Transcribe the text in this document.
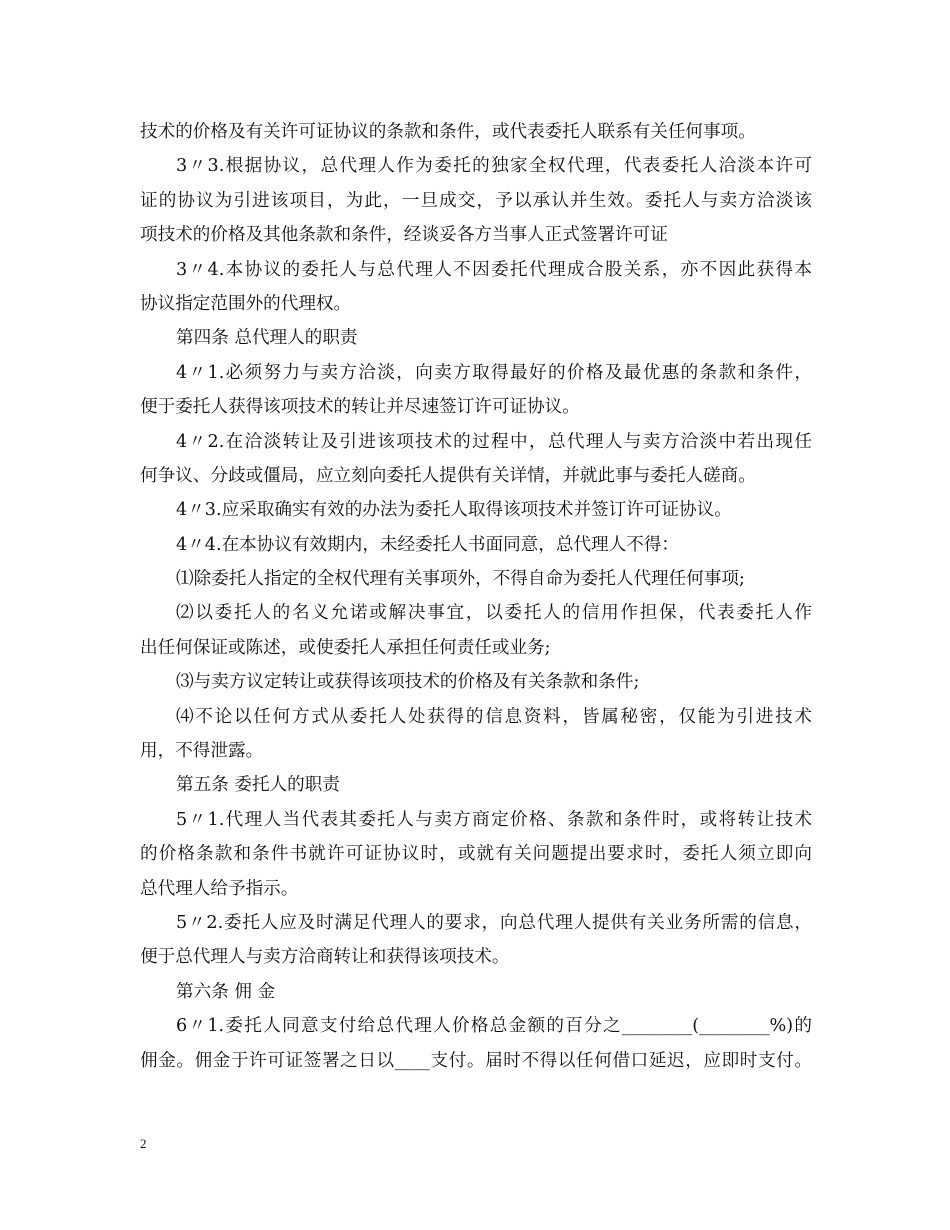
技术的价格及有关许可证协议的条款和条件，或代表委托人联系有关任何事项。
3〃3.根据协议，总代理人作为委托的独家全权代理，代表委托人洽淡本许可
证的协议为引进该项目，为此，一旦成交，予以承认并生效。委托人与卖方洽淡该
项技术的价格及其他条款和条件，经谈妥各方当事人正式签署许可证
3〃4.本协议的委托人与总代理人不因委托代理成合股关系，亦不因此获得本
协议指定范围外的代理权。
第四条 总代理人的职责
4〃1.必须努力与卖方洽淡，向卖方取得最好的价格及最优惠的条款和条件，
便于委托人获得该项技术的转让并尽速签订许可证协议。
4〃2.在洽淡转让及引进该项技术的过程中，总代理人与卖方洽淡中若出现任
何争议、分歧或僵局，应立刻向委托人提供有关详情，并就此事与委托人磋商。
4〃3.应采取确实有效的办法为委托人取得该项技术并签订许可证协议。
4〃4.在本协议有效期内，未经委托人书面同意，总代理人不得：
⑴除委托人指定的全权代理有关事项外，不得自命为委托人代理任何事项;
⑵以委托人的名义允诺或解决事宜，以委托人的信用作担保，代表委托人作
出任何保证或陈述，或使委托人承担任何责任或业务;
⑶与卖方议定转让或获得该项技术的价格及有关条款和条件;
⑷不论以任何方式从委托人处获得的信息资料，皆属秘密，仅能为引进技术
用，不得泄露。
第五条 委托人的职责
5〃1.代理人当代表其委托人与卖方商定价格、条款和条件时，或将转让技术
的价格条款和条件书就许可证协议时，或就有关问题提出要求时，委托人须立即向
总代理人给予指示。
5〃2.委托人应及时满足代理人的要求，向总代理人提供有关业务所需的信息，
便于总代理人与卖方洽商转让和获得该项技术。
第六条 佣 金
6〃1.委托人同意支付给总代理人价格总金额的百分之________(________%)的
佣金。佣金于许可证签署之日以____支付。届时不得以任何借口延迟，应即时支付。
2
